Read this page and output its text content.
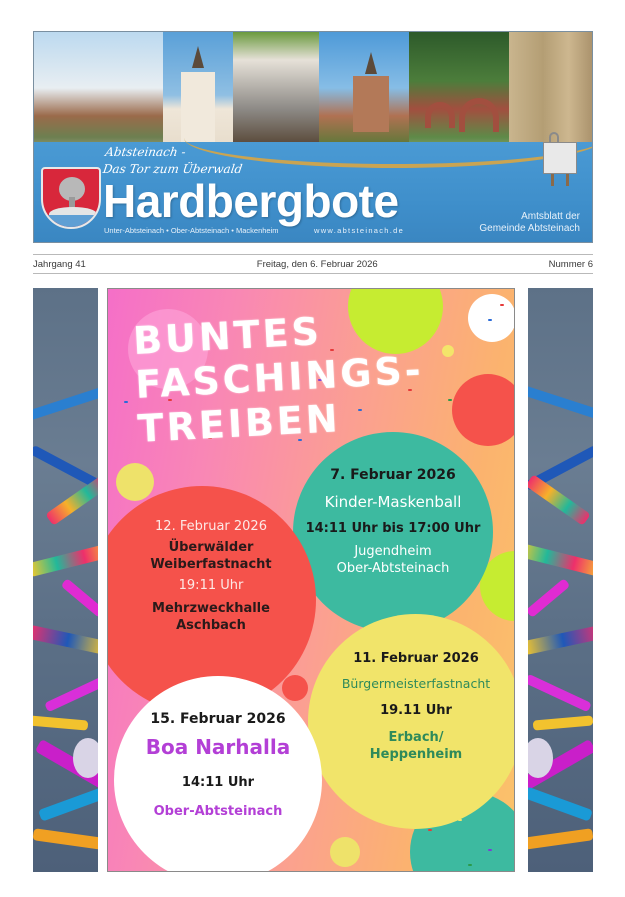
Abtsteinach -
Das Tor zum Überwald
Hardbergbote
Unter-Abtsteinach • Ober-Abtsteinach • Mackenheim	www.abtsteinach.de
Amtsblatt der
Gemeinde Abtsteinach
Jahrgang 41	Freitag, den 6. Februar 2026	Nummer 6
BUNTES
FASCHINGS-
TREIBEN
7. Februar 2026
Kinder-Maskenball
14:11 Uhr bis 17:00 Uhr
Jugendheim
Ober-Abtsteinach
12. Februar 2026
Überwälder
Weiberfastnacht
19:11 Uhr
Mehrzweckhalle
Aschbach
11. Februar 2026
Bürgermeisterfastnacht
19.11 Uhr
Erbach/
Heppenheim
15. Februar 2026
Boa Narhalla
14:11 Uhr
Ober-Abtsteinach
